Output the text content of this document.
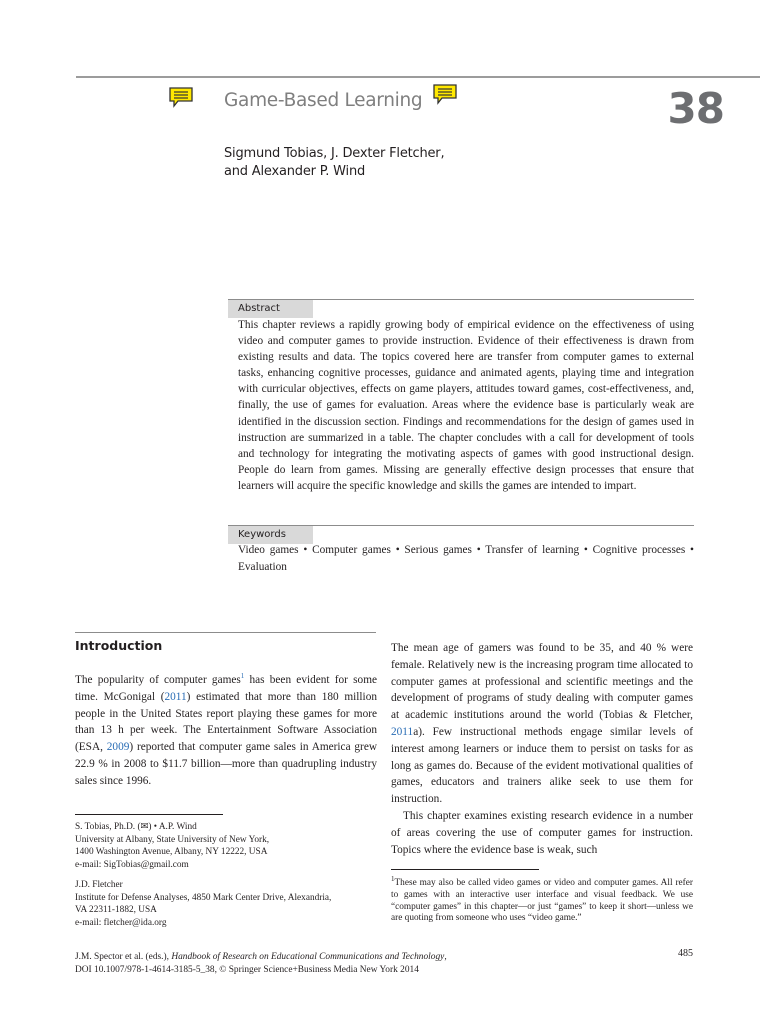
Game-Based Learning	38
Sigmund Tobias, J. Dexter Fletcher,
and Alexander P. Wind
Abstract
This chapter reviews a rapidly growing body of empirical evidence on the effectiveness of using video and computer games to provide instruction. Evidence of their effectiveness is drawn from existing results and data. The topics covered here are transfer from computer games to external tasks, enhancing cognitive processes, guidance and animated agents, playing time and integration with curricular objectives, effects on game players, attitudes toward games, cost-effectiveness, and, finally, the use of games for evaluation. Areas where the evidence base is particularly weak are identified in the discussion section. Findings and recommendations for the design of games used in instruction are summarized in a table. The chapter concludes with a call for development of tools and technology for integrating the motivating aspects of games with good instructional design. People do learn from games. Missing are generally effective design processes that ensure that learners will acquire the specific knowledge and skills the games are intended to impart.
Keywords
Video games • Computer games • Serious games • Transfer of learning • Cognitive processes • Evaluation
Introduction

The popularity of computer games$^1$ has been evident for some time. McGonigal (2011) estimated that more than 180 million people in the United States report playing these games for more than 13 h per week. The Entertainment Software Association (ESA, 2009) reported that computer game sales in America grew 22.9 % in 2008 to $11.7 billion—more than quadrupling industry sales since 1996.

The mean age of gamers was found to be 35, and 40 % were female. Relatively new is the increasing program time allocated to computer games at professional and scientific meetings and the development of programs of study dealing with computer games at academic institutions around the world (Tobias & Fletcher, 2011a). Few instructional methods engage similar levels of interest among learners or induce them to persist on tasks for as long as games do. Because of the evident motivational qualities of games, educators and trainers alike seek to use them for instruction.

This chapter examines existing research evidence in a number of areas covering the use of computer games for instruction. Topics where the evidence base is weak, such

S. Tobias, Ph.D. (✉) • A.P. Wind
University at Albany, State University of New York,
1400 Washington Avenue, Albany, NY 12222, USA
e-mail: SigTobias@gmail.com
J.D. Fletcher
Institute for Defense Analyses, 4850 Mark Center Drive, Alexandria,
VA 22311-1882, USA
e-mail: fletcher@ida.org
$^1$These may also be called video games or video and computer games. All refer to games with an interactive user interface and visual feedback. We use “computer games” in this chapter—or just “games” to keep it short—unless we are quoting from someone who uses “video game.”
J.M. Spector et al. (eds.), Handbook of Research on Educational Communications and Technology,
DOI 10.1007/978-1-4614-3185-5_38, © Springer Science+Business Media New York 2014
485
